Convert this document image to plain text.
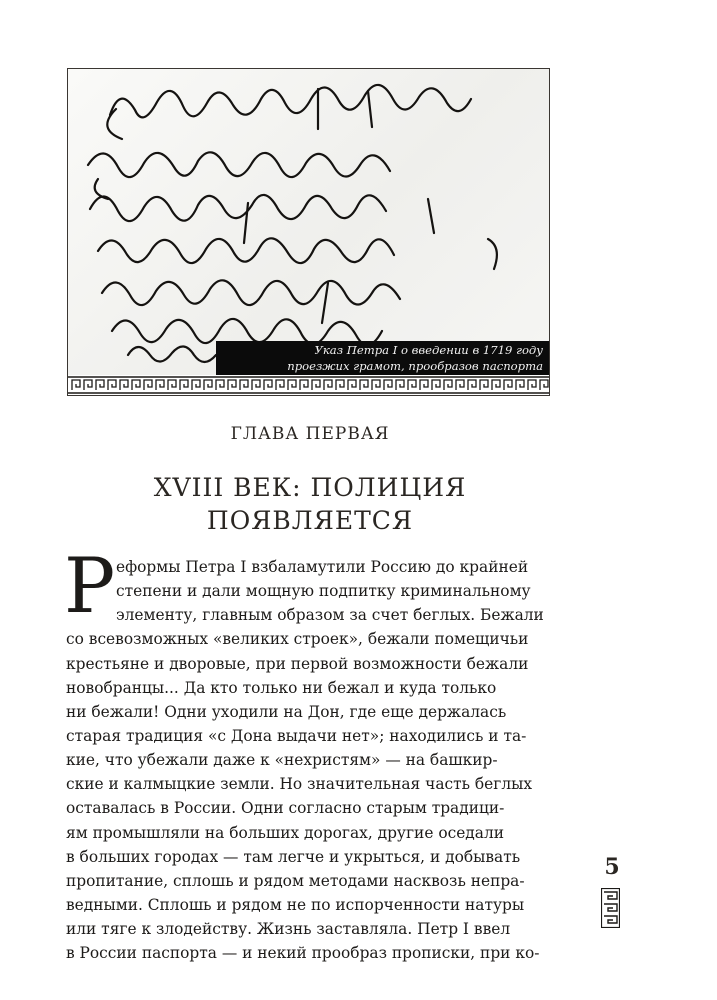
Указ Петра I о введении в 1719 году
проезжих грамот, прообразов паспорта
ГЛАВА ПЕРВАЯ
XVIII ВЕК: ПОЛИЦИЯ
ПОЯВЛЯЕТСЯ
Р еформы Петра I взбаламутили Россию до крайней
степени и дали мощную подпитку криминальному
элементу, главным образом за счет беглых. Бежали
со всевозможных «великих строек», бежали помещичьи
крестьяне и дворовые, при первой возможности бежали
новобранцы... Да кто только ни бежал и куда только
ни бежали! Одни уходили на Дон, где еще держалась
старая традиция «с Дона выдачи нет»; находились и та-
кие, что убежали даже к «нехристям» — на башкир-
ские и калмыцкие земли. Но значительная часть беглых
оставалась в России. Одни согласно старым традици-
ям промышляли на больших дорогах, другие оседали
в больших городах — там легче и укрыться, и добывать
пропитание, сплошь и рядом методами насквозь непра-
ведными. Сплошь и рядом не по испорченности натуры
или тяге к злодейству. Жизнь заставляла. Петр I ввел
в России паспорта — и некий прообраз прописки, при ко-
5
